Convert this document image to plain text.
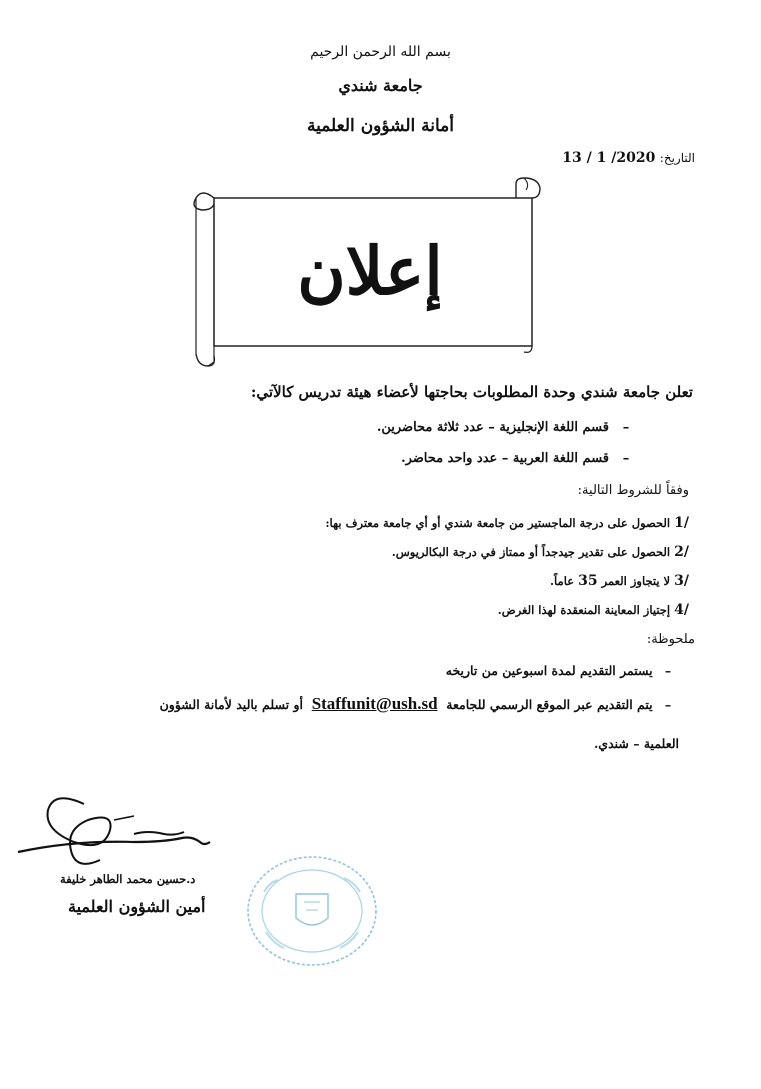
بسم الله الرحمن الرحيم
جامعة شندي
أمانة الشؤون العلمية
التاريخ: 13 / 1 /2020
إعلان
تعلن جامعة شندي وحدة المطلوبات بحاجتها لأعضاء هيئة تدريس كالآتي:
–قسم اللغة الإنجليزية – عدد ثلاثة محاضرين.
–قسم اللغة العربية – عدد واحد محاضر.
وفقاً للشروط التالية:
1/ الحصول على درجة الماجستير من جامعة شندي أو أي جامعة معترف بها:
2/ الحصول على تقدير جيدجداً أو ممتاز في درجة البكالريوس.
3/ لا يتجاوز العمر 35 عاماً.
4/ إجتياز المعاينة المنعقدة لهذا الغرض.
ملحوظة:
– يستمر التقديم لمدة اسبوعين من تاريخه
– يتم التقديم عبر الموقع الرسمي للجامعة  Staffunit@ush.sd  أو تسلم باليد لأمانة الشؤون
العلمية – شندي.
د.حسين محمد الطاهر خليفة
أمين الشؤون العلمية
